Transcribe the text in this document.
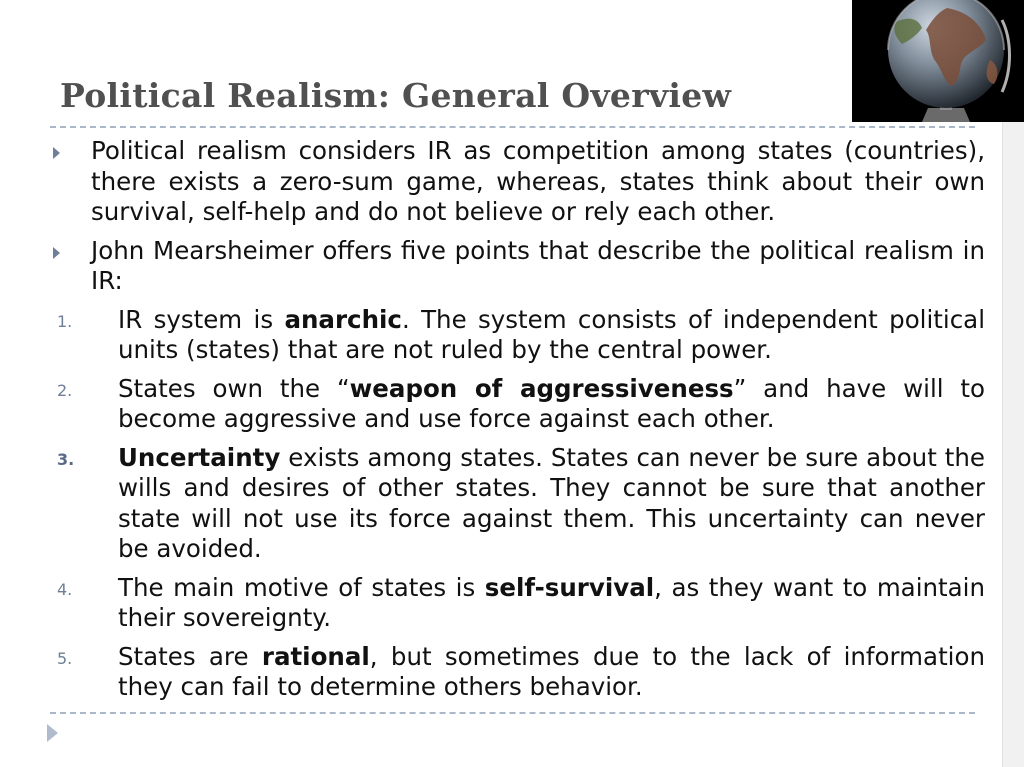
Political Realism: General Overview
Political realism considers IR as competition among states (countries), there exists a zero-sum game, whereas, states think about their own survival, self-help and do not believe or rely each other.
John Mearsheimer offers five points that describe the political realism in IR:
1. IR system is anarchic. The system consists of independent political units (states) that are not ruled by the central power.
2. States own the “weapon of aggressiveness” and have will to become aggressive and use force against each other.
3. Uncertainty exists among states. States can never be sure about the wills and desires of other states. They cannot be sure that another state will not use its force against them. This uncertainty can never be avoided.
4. The main motive of states is self-survival, as they want to maintain their sovereignty.
5. States are rational, but sometimes due to the lack of information they can fail to determine others behavior.
